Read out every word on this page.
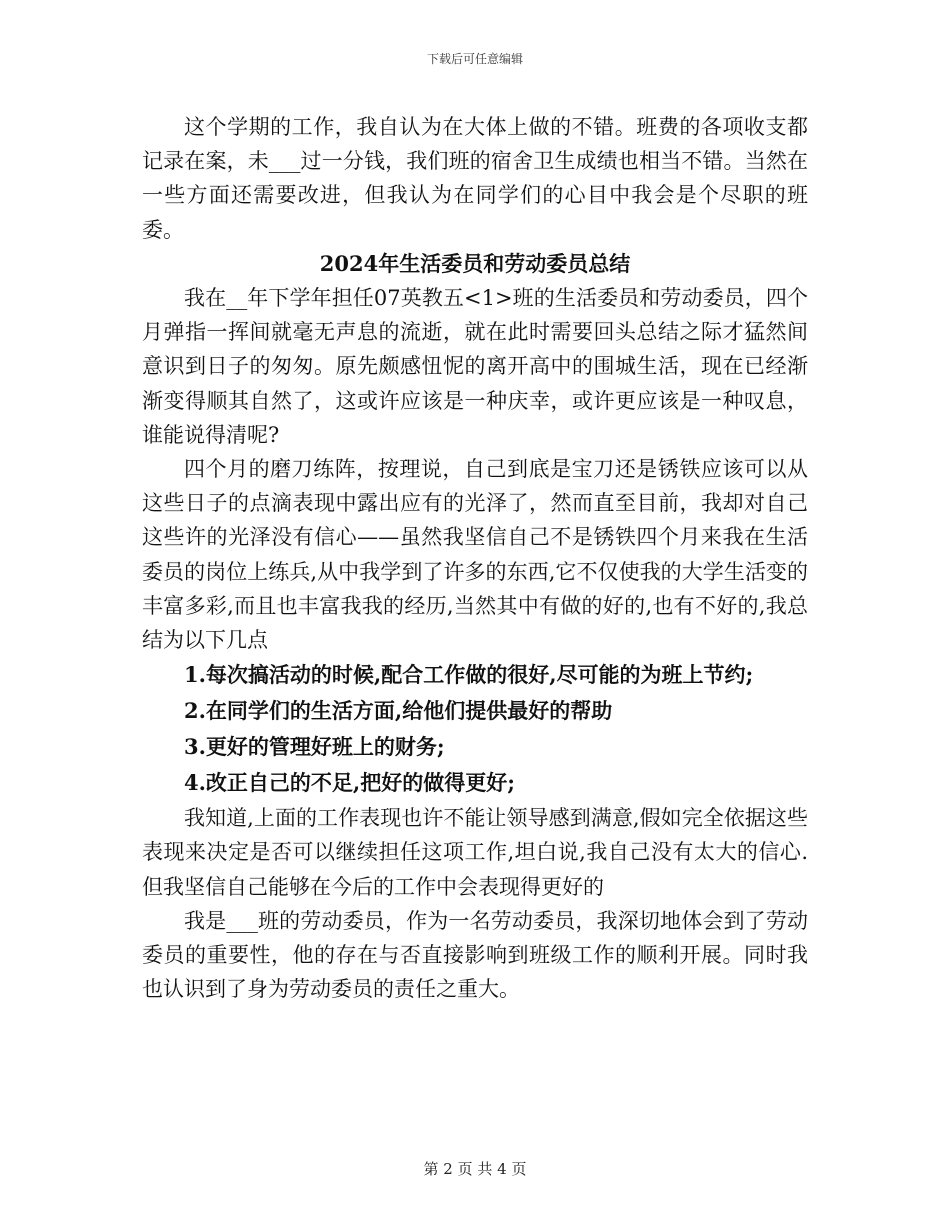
下载后可任意编辑

这个学期的工作，我自认为在大体上做的不错。班费的各项收支都记录在案，未___过一分钱，我们班的宿舍卫生成绩也相当不错。当然在一些方面还需要改进，但我认为在同学们的心目中我会是个尽职的班委。

2024年生活委员和劳动委员总结

我在__年下学年担任07英教五<1>班的生活委员和劳动委员，四个月弹指一挥间就毫无声息的流逝，就在此时需要回头总结之际才猛然间意识到日子的匆匆。原先颇感忸怩的离开高中的围城生活，现在已经渐渐变得顺其自然了，这或许应该是一种庆幸，或许更应该是一种叹息，谁能说得清呢?

四个月的磨刀练阵，按理说，自己到底是宝刀还是锈铁应该可以从这些日子的点滴表现中露出应有的光泽了，然而直至目前，我却对自己这些许的光泽没有信心——虽然我坚信自己不是锈铁四个月来我在生活委员的岗位上练兵,从中我学到了许多的东西,它不仅使我的大学生活变的丰富多彩,而且也丰富我我的经历,当然其中有做的好的,也有不好的,我总结为以下几点

1.每次搞活动的时候,配合工作做的很好,尽可能的为班上节约;

2.在同学们的生活方面,给他们提供最好的帮助

3.更好的管理好班上的财务;

4.改正自己的不足,把好的做得更好;

我知道,上面的工作表现也许不能让领导感到满意,假如完全依据这些表现来决定是否可以继续担任这项工作,坦白说,我自己没有太大的信心.但我坚信自己能够在今后的工作中会表现得更好的

我是___班的劳动委员，作为一名劳动委员，我深切地体会到了劳动委员的重要性，他的存在与否直接影响到班级工作的顺利开展。同时我也认识到了身为劳动委员的责任之重大。

第 2 页 共 4 页
